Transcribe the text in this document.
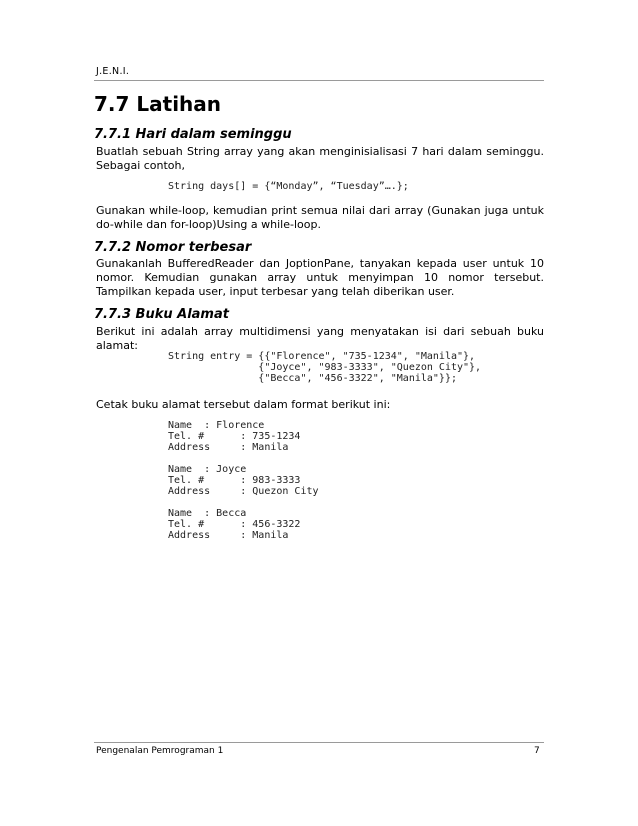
J.E.N.I.
7.7 Latihan
7.7.1 Hari dalam seminggu

Buatlah sebuah String array yang akan menginisialisasi 7 hari dalam seminggu. Sebagai contoh,

String days[] = {“Monday”, “Tuesday”….};

Gunakan while-loop, kemudian print semua nilai dari array (Gunakan juga untuk do-while dan for-loop)Using a while-loop.

7.7.2 Nomor terbesar

Gunakanlah BufferedReader dan JoptionPane, tanyakan kepada user untuk 10 nomor. Kemudian gunakan array untuk menyimpan 10 nomor tersebut. Tampilkan kepada user, input terbesar yang telah diberikan user.

7.7.3 Buku Alamat

Berikut ini adalah array multidimensi yang menyatakan isi dari sebuah buku alamat:

String entry = {{"Florence", "735-1234", "Manila"},
{"Joyce", "983-3333", "Quezon City"},
{"Becca", "456-3322", "Manila"}};

Cetak buku alamat tersebut dalam format berikut ini:

Name  : Florence
Tel. #      : 735-1234
Address     : Manila
Name  : Joyce
Tel. #      : 983-3333
Address     : Quezon City
Name  : Becca
Tel. #      : 456-3322
Address     : Manila
Pengenalan Pemrograman 1	7
